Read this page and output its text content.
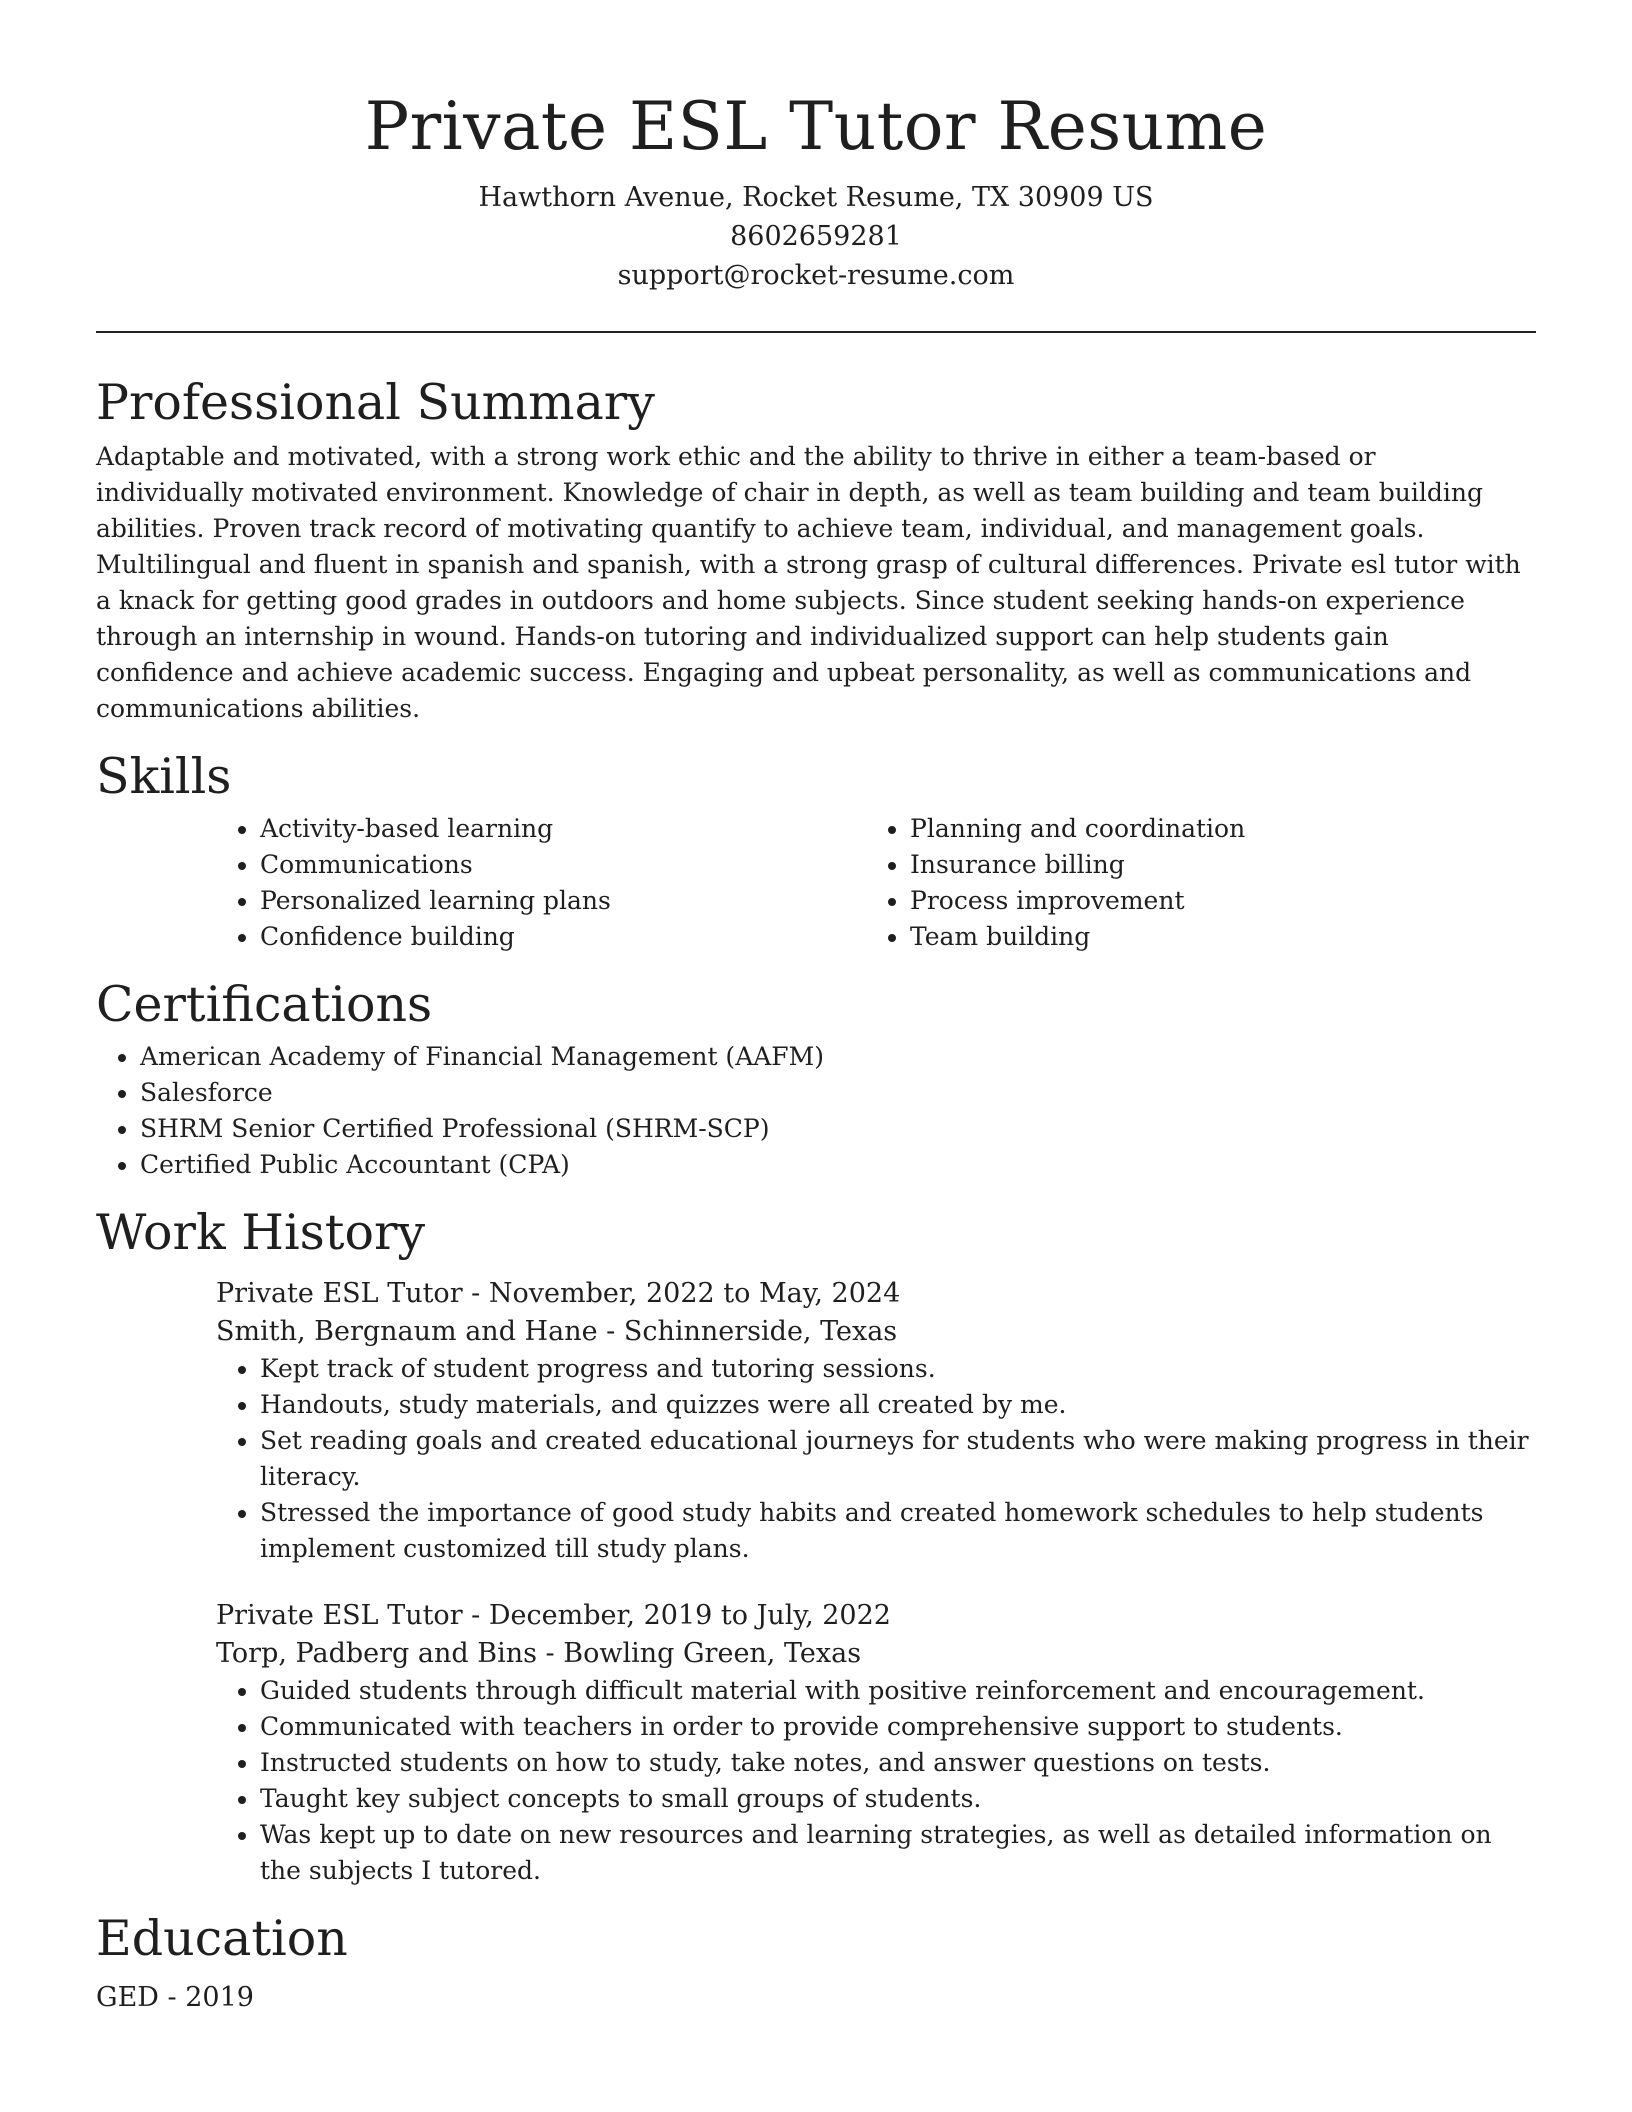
Private ESL Tutor Resume

Hawthorn Avenue, Rocket Resume, TX 30909 US

8602659281

support@rocket-resume.com

Professional Summary

Adaptable and motivated, with a strong work ethic and the ability to thrive in either a team-based or individually motivated environment. Knowledge of chair in depth, as well as team building and team building abilities. Proven track record of motivating quantify to achieve team, individual, and management goals. Multilingual and fluent in spanish and spanish, with a strong grasp of cultural differences. Private esl tutor with a knack for getting good grades in outdoors and home subjects. Since student seeking hands-on experience through an internship in wound. Hands-on tutoring and individualized support can help students gain confidence and achieve academic success. Engaging and upbeat personality, as well as communications and communications abilities.

Skills
• Activity-based learning
• Communications
• Personalized learning plans
• Confidence building
• Planning and coordination
• Insurance billing
• Process improvement
• Team building
Certifications
• American Academy of Financial Management (AAFM)
• Salesforce
• SHRM Senior Certified Professional (SHRM-SCP)
• Certified Public Accountant (CPA)
Work History

Private ESL Tutor - November, 2022 to May, 2024

Smith, Bergnaum and Hane - Schinnerside, Texas

• Kept track of student progress and tutoring sessions.
• Handouts, study materials, and quizzes were all created by me.
• Set reading goals and created educational journeys for students who were making progress in their literacy.
• Stressed the importance of good study habits and created homework schedules to help students implement customized till study plans.

Private ESL Tutor - December, 2019 to July, 2022

Torp, Padberg and Bins - Bowling Green, Texas

• Guided students through difficult material with positive reinforcement and encouragement.
• Communicated with teachers in order to provide comprehensive support to students.
• Instructed students on how to study, take notes, and answer questions on tests.
• Taught key subject concepts to small groups of students.
• Was kept up to date on new resources and learning strategies, as well as detailed information on the subjects I tutored.
Education

GED - 2019
